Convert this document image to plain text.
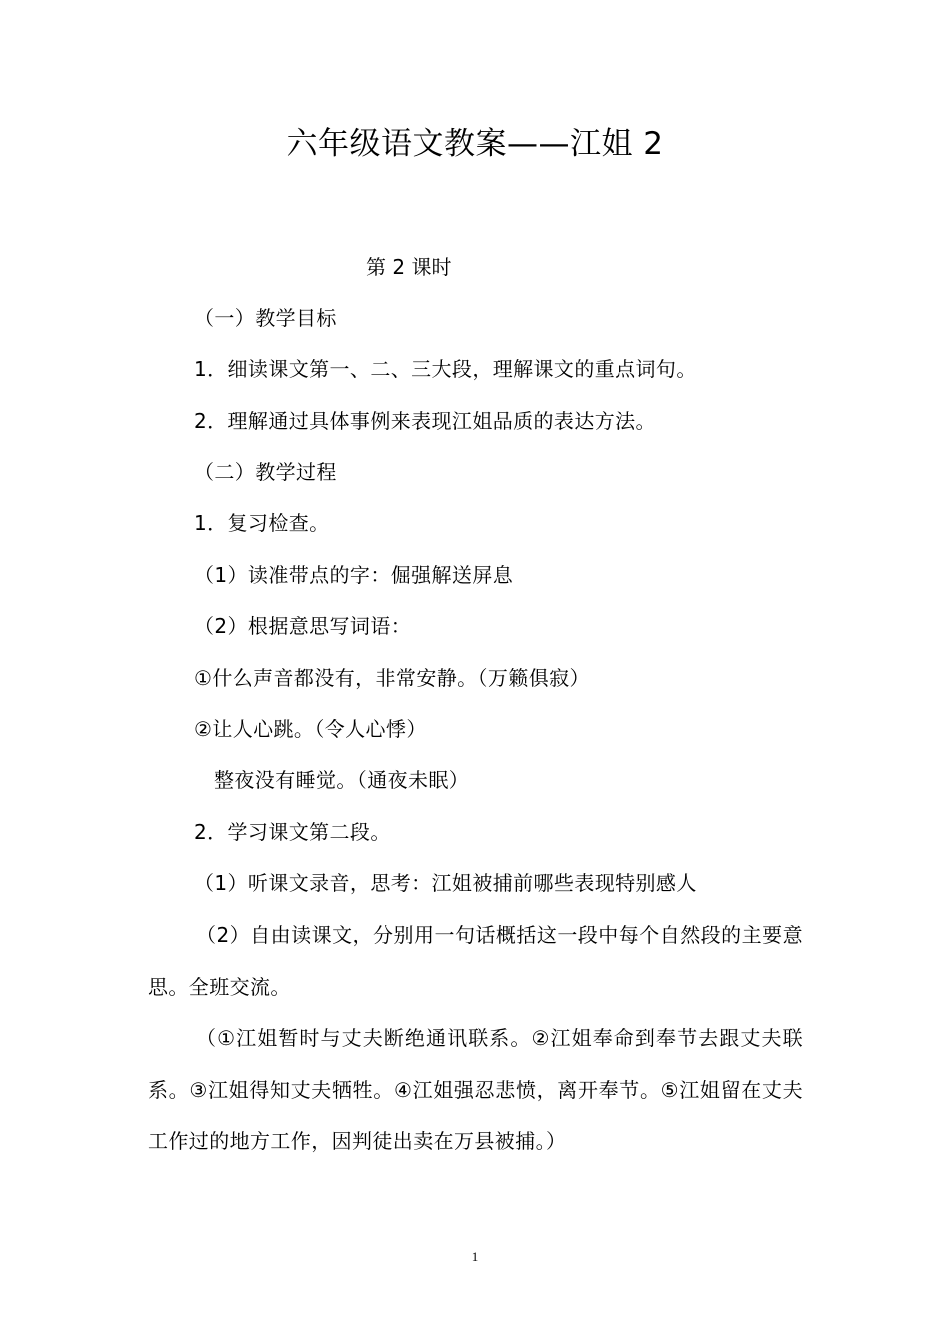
六年级语文教案——江姐 2
第 2 课时
（一）教学目标
1．细读课文第一、二、三大段，理解课文的重点词句。
2．理解通过具体事例来表现江姐品质的表达方法。
（二）教学过程
1．复习检查。
（1）读准带点的字：倔强解送屏息
（2）根据意思写词语：
①什么声音都没有，非常安静。（万籁俱寂）
②让人心跳。（令人心悸）
整夜没有睡觉。（通夜未眠）
2．学习课文第二段。
（1）听课文录音，思考：江姐被捕前哪些表现特别感人
（2）自由读课文，分别用一句话概括这一段中每个自然段的主要意思。全班交流。
（①江姐暂时与丈夫断绝通讯联系。②江姐奉命到奉节去跟丈夫联系。③江姐得知丈夫牺牲。④江姐强忍悲愤，离开奉节。⑤江姐留在丈夫工作过的地方工作，因判徒出卖在万县被捕。）
1
